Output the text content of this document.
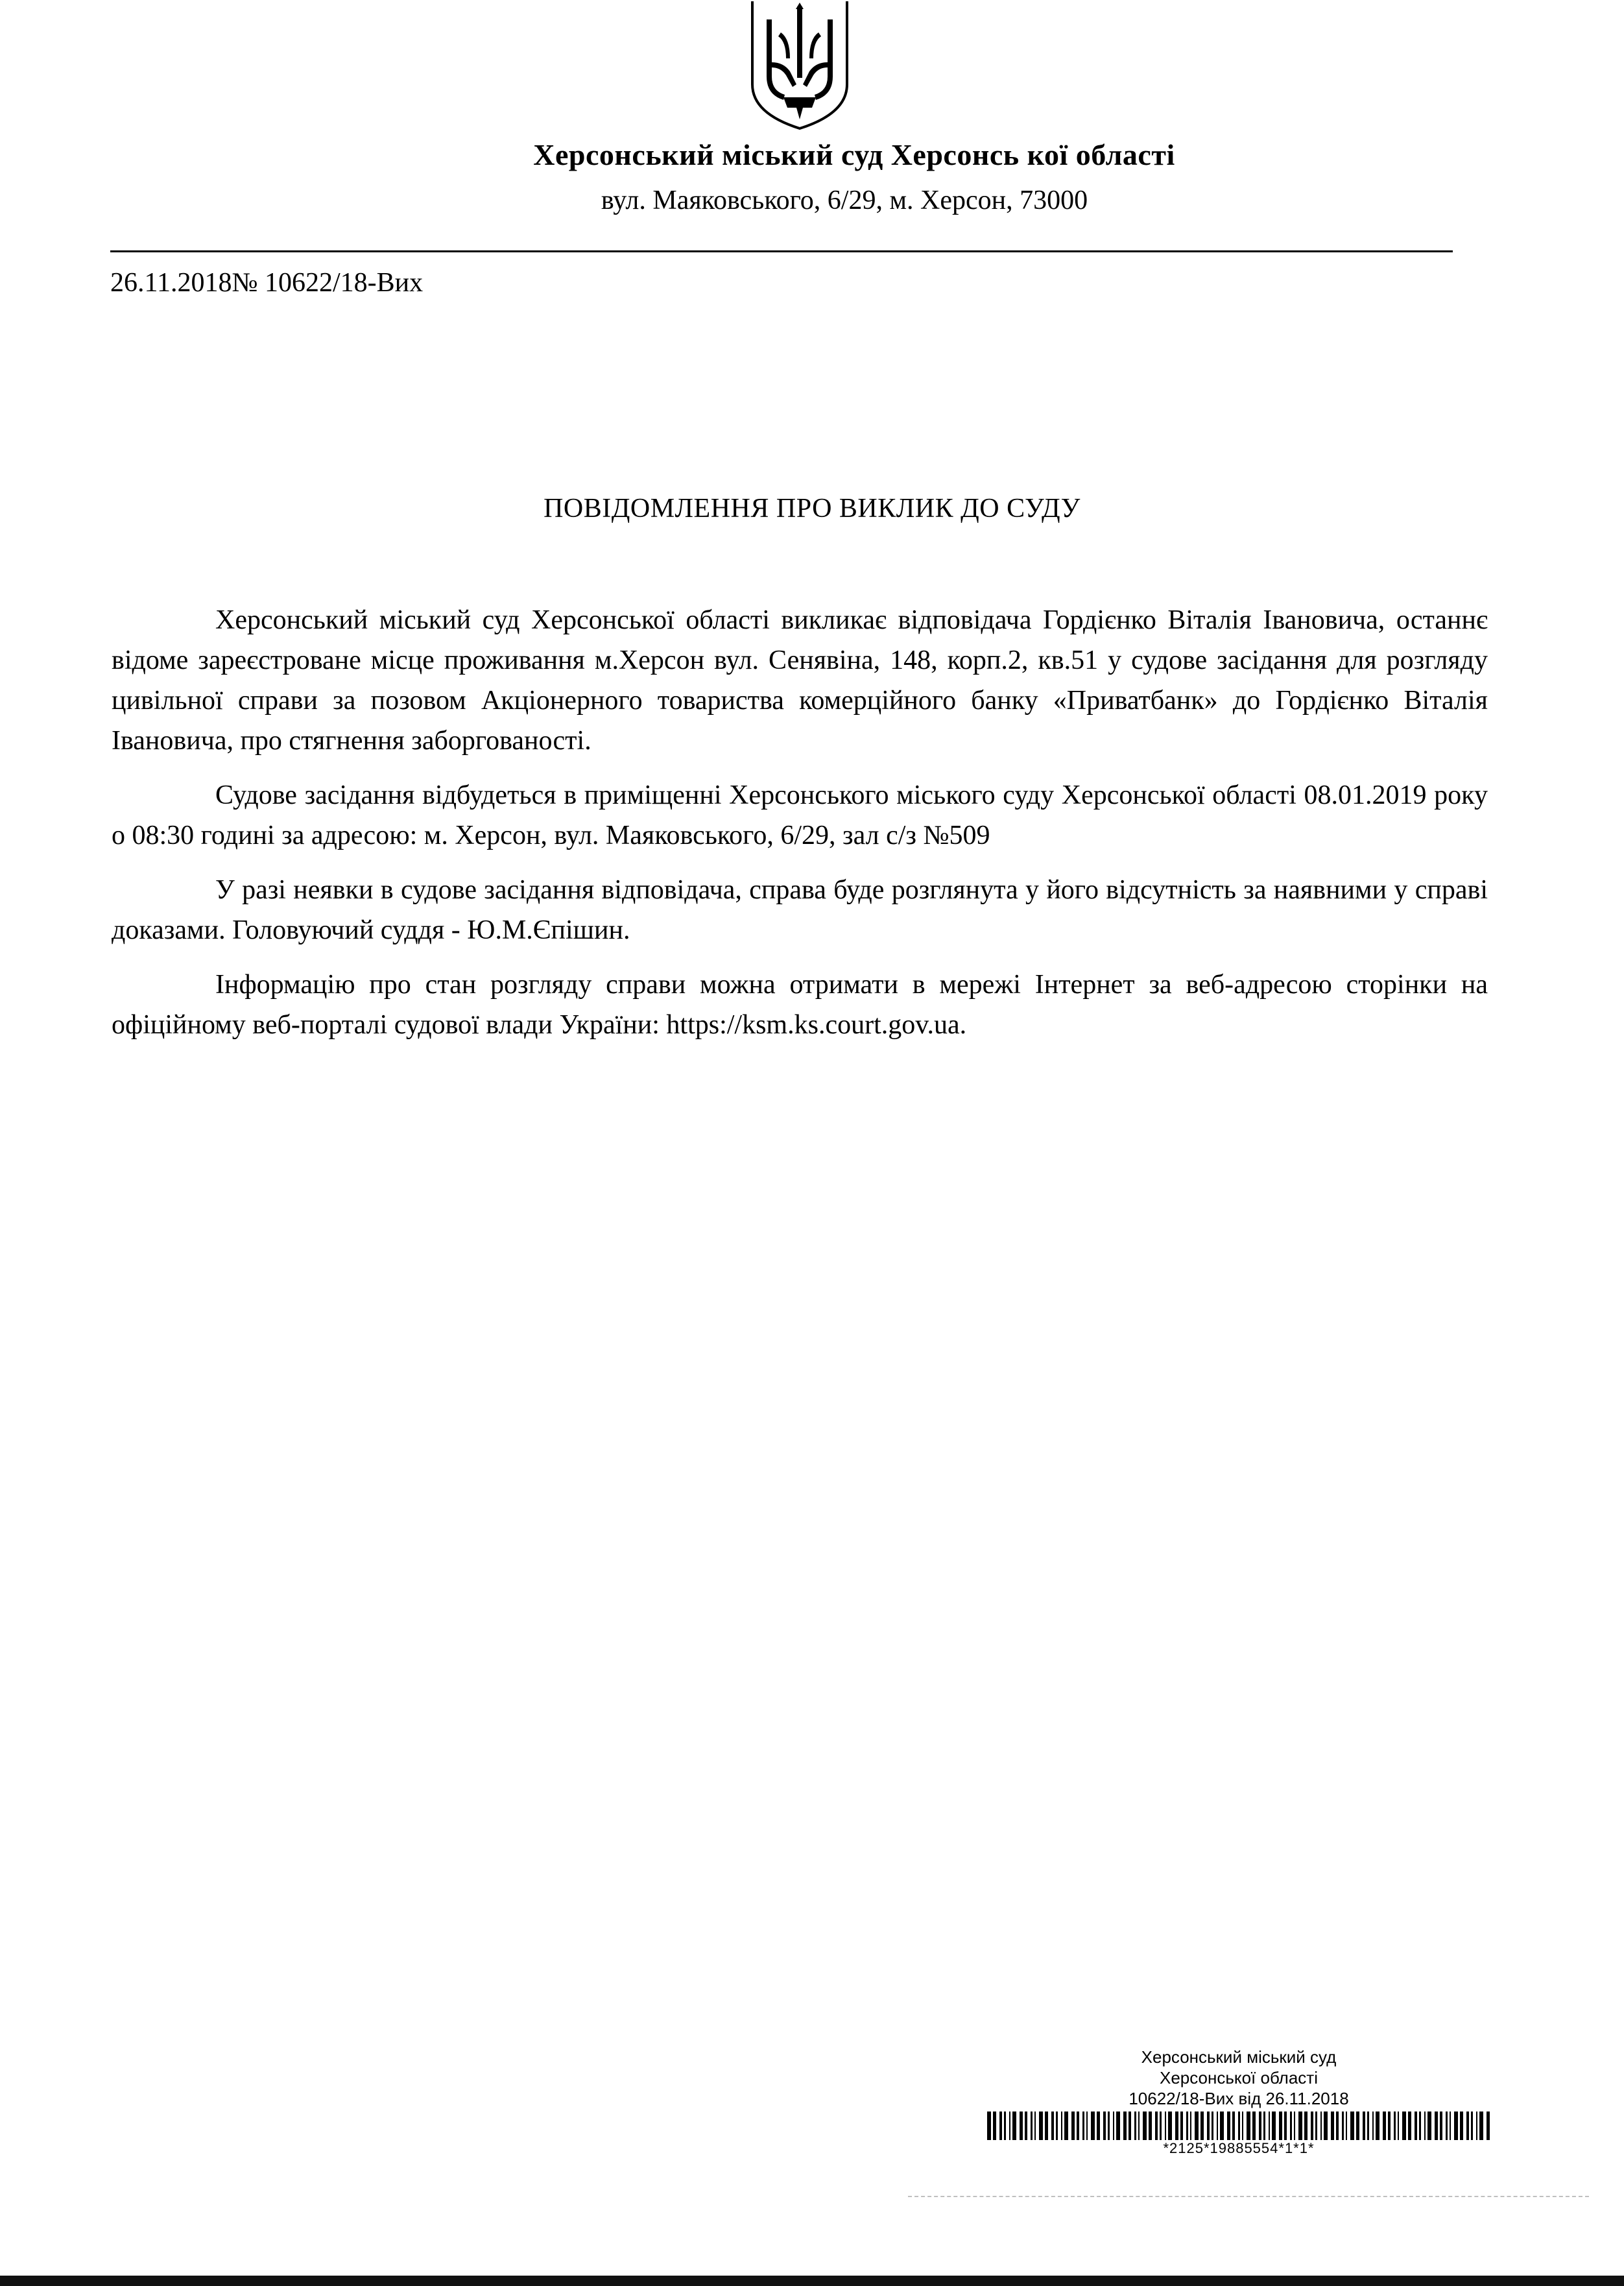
Херсонський міський суд Херсонсь кої області
вул. Маяковського, 6/29, м. Херсон, 73000
26.11.2018№ 10622/18-Вих
ПОВІДОМЛЕННЯ ПРО ВИКЛИК ДО СУДУ

Херсонський міський суд Херсонської області викликає відповідача Гордієнко Віталія Івановича, останнє відоме зареєстроване місце проживання м.Херсон вул. Сенявіна, 148, корп.2, кв.51 у судове засідання для розгляду цивільної справи за позовом Акціонерного товариства комерційного банку «Приватбанк» до Гордієнко Віталія Івановича, про стягнення заборгованості.

Судове засідання відбудеться в приміщенні Херсонського міського суду Херсонської області 08.01.2019 року о 08:30 годині за адресою: м. Херсон, вул. Маяковського, 6/29, зал с/з №509

У разі неявки в судове засідання відповідача, справа буде розглянута у його відсутність за наявними у справі доказами. Головуючий суддя - Ю.М.Єпішин.

Інформацію про стан розгляду справи можна отримати в мережі Інтернет за веб-адресою сторінки на офіційному веб-порталі судової влади України: https://ksm.ks.court.gov.ua.

Херсонський міський суд
Херсонської області
10622/18-Вих від 26.11.2018
*2125*19885554*1*1*
